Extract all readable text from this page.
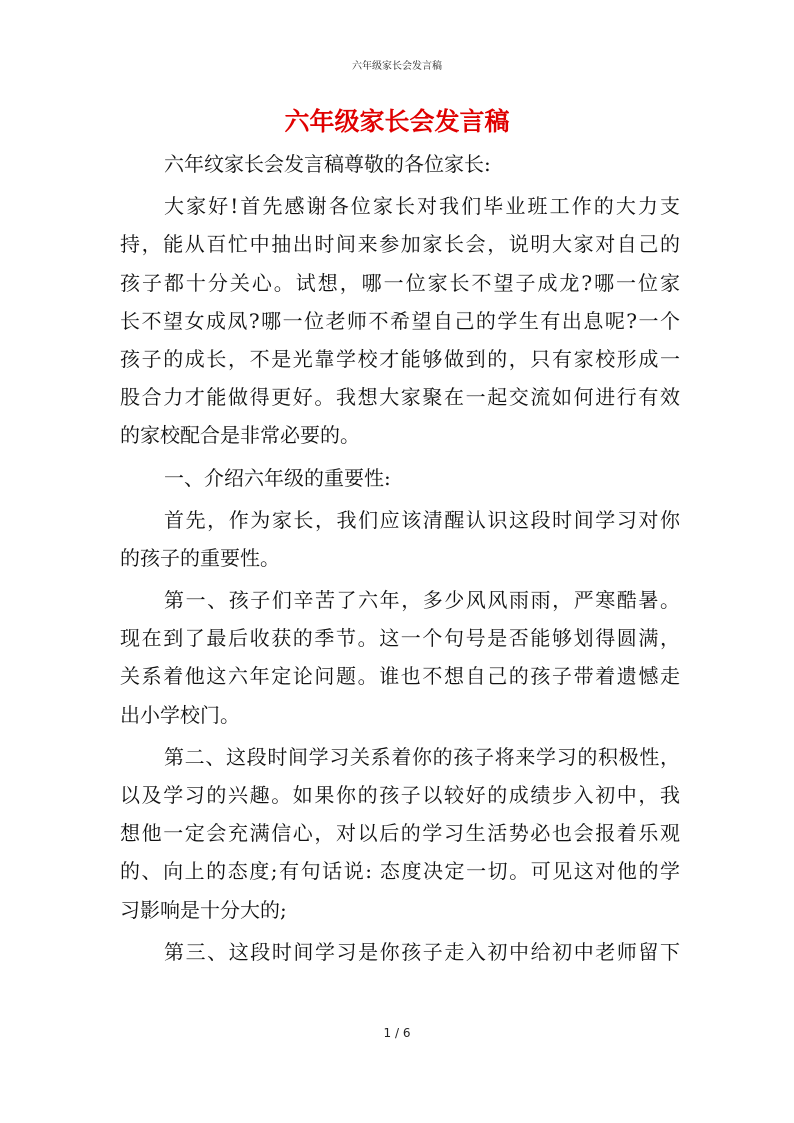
六年级家长会发言稿
六年级家长会发言稿
六年纹家长会发言稿尊敬的各位家长:
大家好!首先感谢各位家长对我们毕业班工作的大力支
持，能从百忙中抽出时间来参加家长会，说明大家对自己的
孩子都十分关心。试想，哪一位家长不望子成龙?哪一位家
长不望女成凤?哪一位老师不希望自己的学生有出息呢?一个
孩子的成长，不是光靠学校才能够做到的，只有家校形成一
股合力才能做得更好。我想大家聚在一起交流如何进行有效
的家校配合是非常必要的。
一、介绍六年级的重要性:
首先，作为家长，我们应该清醒认识这段时间学习对你
的孩子的重要性。
第一、孩子们辛苦了六年，多少风风雨雨，严寒酷暑。
现在到了最后收获的季节。这一个句号是否能够划得圆满，
关系着他这六年定论问题。谁也不想自己的孩子带着遗憾走
出小学校门。
第二、这段时间学习关系着你的孩子将来学习的积极性，
以及学习的兴趣。如果你的孩子以较好的成绩步入初中，我
想他一定会充满信心，对以后的学习生活势必也会报着乐观
的、向上的态度;有句话说: 态度决定一切。可见这对他的学
习影响是十分大的;
第三、这段时间学习是你孩子走入初中给初中老师留下
1 / 6
